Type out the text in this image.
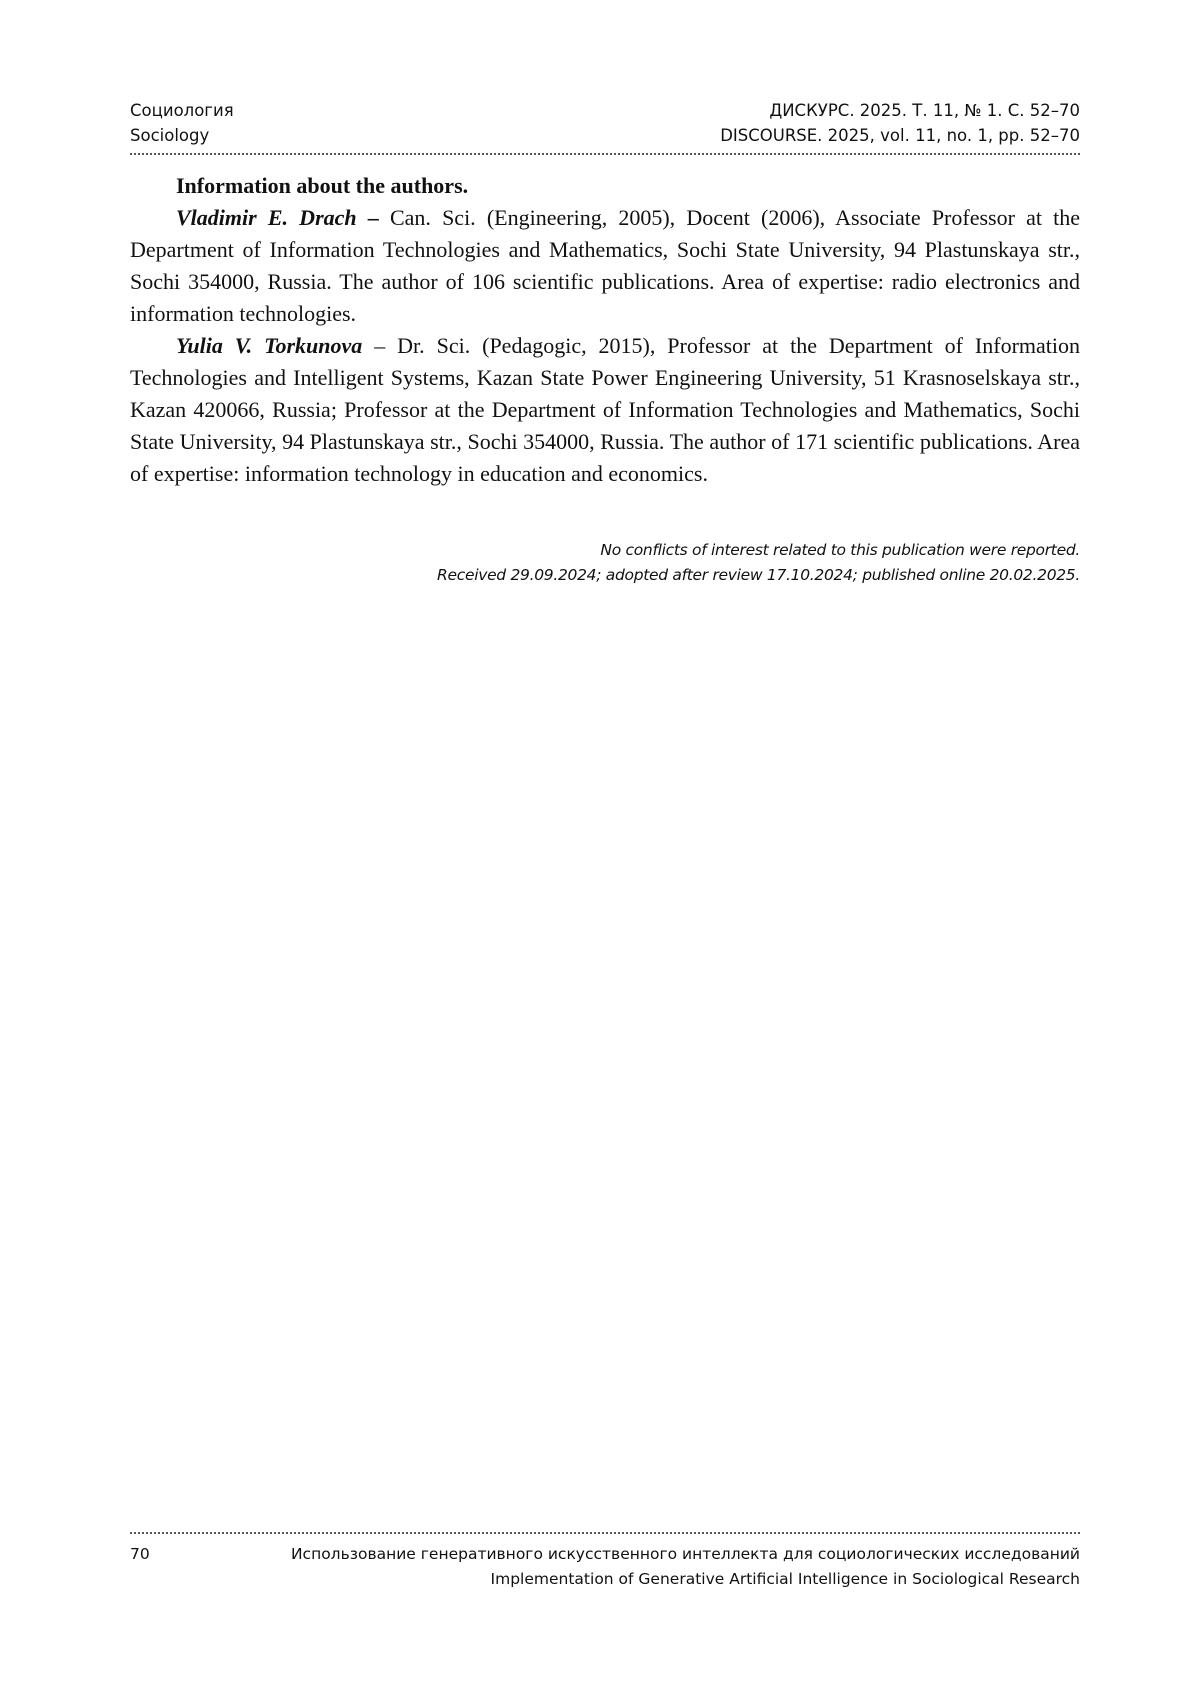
Социология	ДИСКУРС. 2025. Т. 11, № 1. С. 52–70
Sociology	DISCOURSE. 2025, vol. 11, no. 1, pp. 52–70

Information about the authors.

Vladimir E. Drach – Can. Sci. (Engineering, 2005), Docent (2006), Associate Professor at the Department of Information Technologies and Mathematics, Sochi State University, 94 Plastunskaya str., Sochi 354000, Russia. The author of 106 scientific publications. Area of expertise: radio electronics and information technologies.

Yulia V. Torkunova – Dr. Sci. (Pedagogic, 2015), Professor at the Department of Information Technologies and Intelligent Systems, Kazan State Power Engineering University, 51 Krasnoselskaya str., Kazan 420066, Russia; Professor at the Department of Information Technologies and Mathematics, Sochi State University, 94 Plastunskaya str., Sochi 354000, Russia. The author of 171 scientific publications. Area of expertise: information technology in education and economics.

No conflicts of interest related to this publication were reported.
Received 29.09.2024; adopted after review 17.10.2024; published online 20.02.2025.
70	Использование генеративного искусственного интеллекта для социологических исследований
Implementation of Generative Artificial Intelligence in Sociological Research
